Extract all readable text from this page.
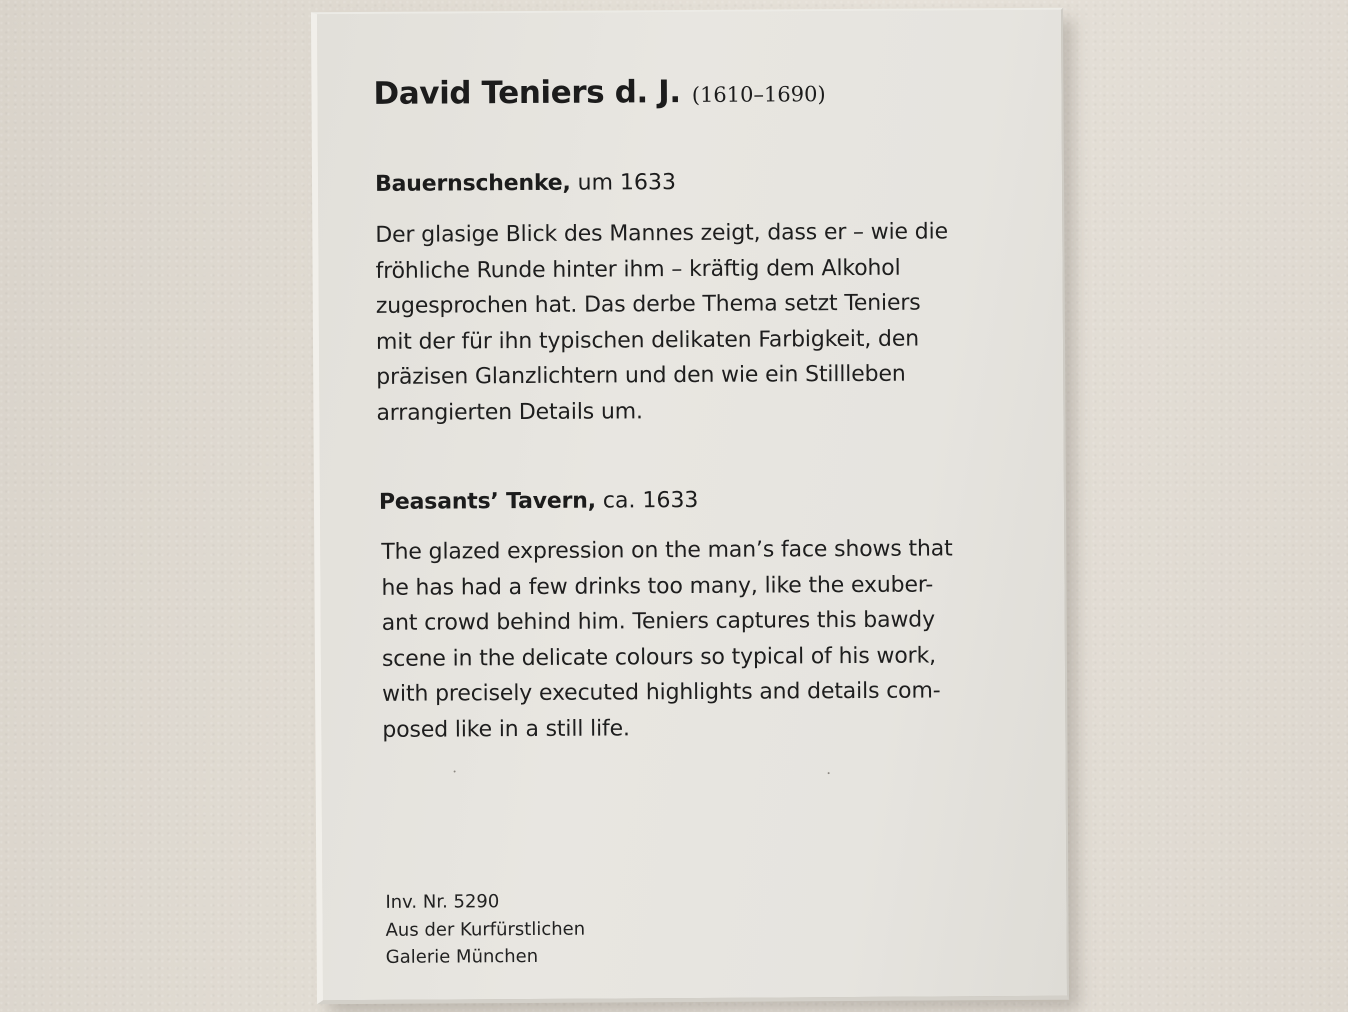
David Teniers d. J. (1610–1690)
Bauernschenke, um 1633
Der glasige Blick des Mannes zeigt, dass er – wie die
fröhliche Runde hinter ihm – kräftig dem Alkohol
zugesprochen hat. Das derbe Thema setzt Teniers
mit der für ihn typischen delikaten Farbigkeit, den
präzisen Glanzlichtern und den wie ein Stillleben
arrangierten Details um.
Peasants’ Tavern, ca. 1633
The glazed expression on the man’s face shows that
he has had a few drinks too many, like the exuber-
ant crowd behind him. Teniers captures this bawdy
scene in the delicate colours so typical of his work,
with precisely executed highlights and details com-
posed like in a still life.
Inv. Nr. 5290
Aus der Kurfürstlichen
Galerie München
